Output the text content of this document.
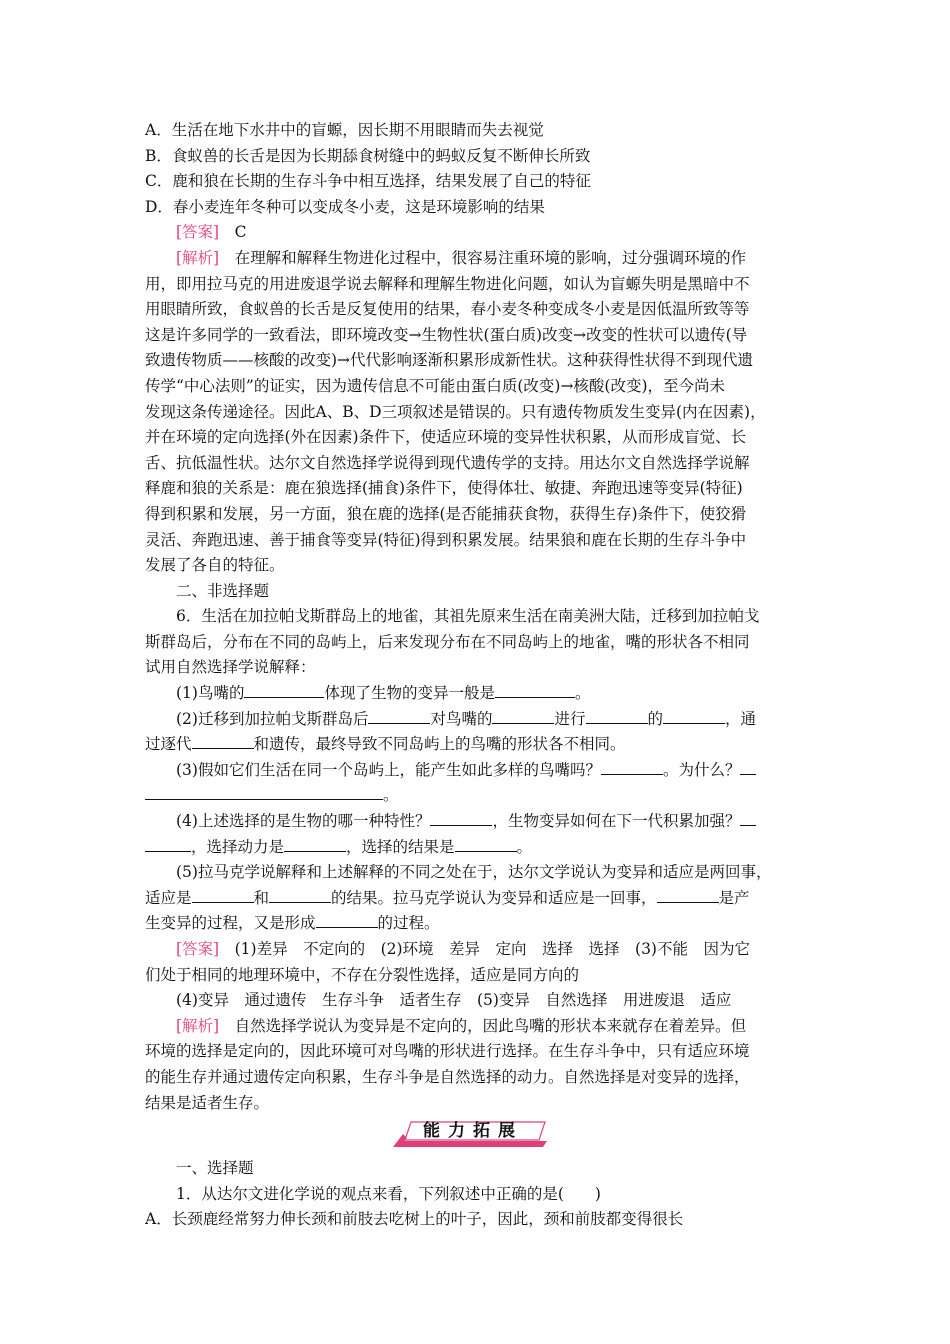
A．生活在地下水井中的盲螈，因长期不用眼睛而失去视觉
B．食蚁兽的长舌是因为长期舔食树缝中的蚂蚁反复不断伸长所致
C．鹿和狼在长期的生存斗争中相互选择，结果发展了自己的特征
D．春小麦连年冬种可以变成冬小麦，这是环境影响的结果
[答案]　C
[解析]　在理解和解释生物进化过程中，很容易注重环境的影响，过分强调环境的作
用，即用拉马克的用进废退学说去解释和理解生物进化问题，如认为盲螈失明是黑暗中不
用眼睛所致，食蚁兽的长舌是反复使用的结果，春小麦冬种变成冬小麦是因低温所致等等
这是许多同学的一致看法，即环境改变→生物性状(蛋白质)改变→改变的性状可以遗传(导
致遗传物质——核酸的改变)→代代影响逐渐积累形成新性状。这种获得性状得不到现代遗
传学“中心法则”的证实，因为遗传信息不可能由蛋白质(改变)→核酸(改变)，至今尚未
发现这条传递途径。因此A、B、D三项叙述是错误的。只有遗传物质发生变异(内在因素)，
并在环境的定向选择(外在因素)条件下，使适应环境的变异性状积累，从而形成盲觉、长
舌、抗低温性状。达尔文自然选择学说得到现代遗传学的支持。用达尔文自然选择学说解
释鹿和狼的关系是：鹿在狼选择(捕食)条件下，使得体壮、敏捷、奔跑迅速等变异(特征)
得到积累和发展，另一方面，狼在鹿的选择(是否能捕获食物，获得生存)条件下，使狡猾
灵活、奔跑迅速、善于捕食等变异(特征)得到积累发展。结果狼和鹿在长期的生存斗争中
发展了各自的特征。
二、非选择题
6．生活在加拉帕戈斯群岛上的地雀，其祖先原来生活在南美洲大陆，迁移到加拉帕戈
斯群岛后，分布在不同的岛屿上，后来发现分布在不同岛屿上的地雀，嘴的形状各不相同
试用自然选择学说解释：
(1)鸟嘴的	体现了生物的变异一般是	。
(2)迁移到加拉帕戈斯群岛后	对鸟嘴的	进行	的	，通
过逐代	和遗传，最终导致不同岛屿上的鸟嘴的形状各不相同。
(3)假如它们生活在同一个岛屿上，能产生如此多样的鸟嘴吗？	。为什么？
。
(4)上述选择的是生物的哪一种特性？	，生物变异如何在下一代积累加强？
，选择动力是	，选择的结果是	。
(5)拉马克学说解释和上述解释的不同之处在于，达尔文学说认为变异和适应是两回事，
适应是	和	的结果。拉马克学说认为变异和适应是一回事，	是产
生变异的过程，又是形成	的过程。
[答案]　(1)差异　不定向的　(2)环境　差异　定向　选择　选择　(3)不能　因为它
们处于相同的地理环境中，不存在分裂性选择，适应是同方向的
(4)变异　通过遗传　生存斗争　适者生存　(5)变异　自然选择　用进废退　适应
[解析]　自然选择学说认为变异是不定向的，因此鸟嘴的形状本来就存在着差异。但
环境的选择是定向的，因此环境可对鸟嘴的形状进行选择。在生存斗争中，只有适应环境
的能生存并通过遗传定向积累，生存斗争是自然选择的动力。自然选择是对变异的选择，
结果是适者生存。
能力拓展
一、选择题
1．从达尔文进化学说的观点来看，下列叙述中正确的是(　　)
A．长颈鹿经常努力伸长颈和前肢去吃树上的叶子，因此，颈和前肢都变得很长
